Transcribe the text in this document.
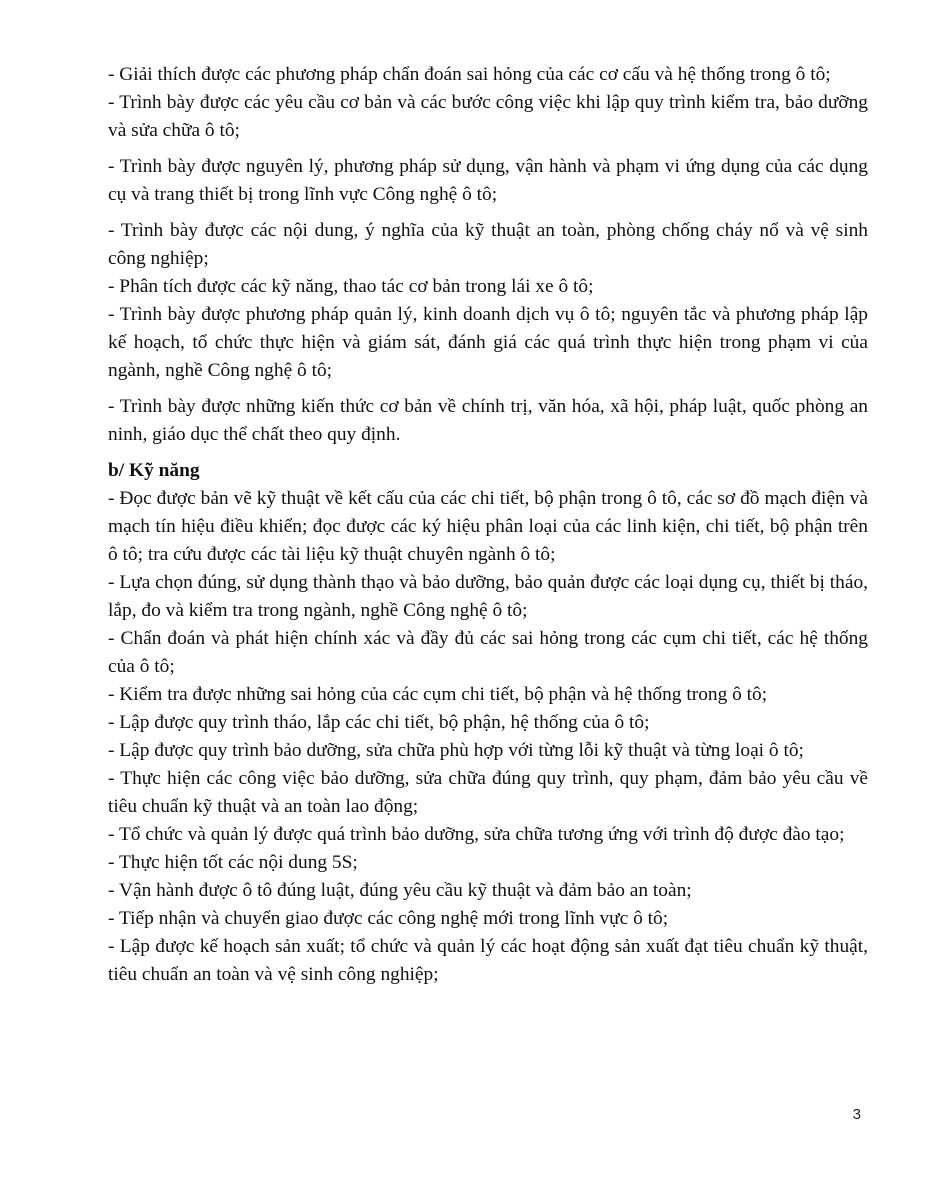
- Giải thích được các phương pháp chẩn đoán sai hỏng của các cơ cấu và hệ thống trong ô tô;

- Trình bày được các yêu cầu cơ bản và các bước công việc khi lập quy trình kiểm tra, bảo dưỡng và sửa chữa ô tô;

- Trình bày được nguyên lý, phương pháp sử dụng, vận hành và phạm vi ứng dụng của các dụng cụ và trang thiết bị trong lĩnh vực Công nghệ ô tô;

- Trình bày được các nội dung, ý nghĩa của kỹ thuật an toàn, phòng chống cháy nổ và vệ sinh công nghiệp;

- Phân tích được các kỹ năng, thao tác cơ bản trong lái xe ô tô;

- Trình bày được phương pháp quản lý, kinh doanh dịch vụ ô tô; nguyên tắc và phương pháp lập kế hoạch, tổ chức thực hiện và giám sát, đánh giá các quá trình thực hiện trong phạm vi của ngành, nghề Công nghệ ô tô;

- Trình bày được những kiến thức cơ bản về chính trị, văn hóa, xã hội, pháp luật, quốc phòng an ninh, giáo dục thể chất theo quy định.

b/ Kỹ năng

- Đọc được bản vẽ kỹ thuật về kết cấu của các chi tiết, bộ phận trong ô tô, các sơ đồ mạch điện và mạch tín hiệu điều khiển; đọc được các ký hiệu phân loại của các linh kiện, chi tiết, bộ phận trên ô tô; tra cứu được các tài liệu kỹ thuật chuyên ngành ô tô;

- Lựa chọn đúng, sử dụng thành thạo và bảo dưỡng, bảo quản được các loại dụng cụ, thiết bị tháo, lắp, đo và kiểm tra trong ngành, nghề Công nghệ ô tô;

- Chẩn đoán và phát hiện chính xác và đầy đủ các sai hỏng trong các cụm chi tiết, các hệ thống của ô tô;

- Kiểm tra được những sai hỏng của các cụm chi tiết, bộ phận và hệ thống trong ô tô;

- Lập được quy trình tháo, lắp các chi tiết, bộ phận, hệ thống của ô tô;

- Lập được quy trình bảo dưỡng, sửa chữa phù hợp với từng lỗi kỹ thuật và từng loại ô tô;

- Thực hiện các công việc bảo dưỡng, sửa chữa đúng quy trình, quy phạm, đảm bảo yêu cầu về tiêu chuẩn kỹ thuật và an toàn lao động;

- Tổ chức và quản lý được quá trình bảo dưỡng, sửa chữa tương ứng với trình độ được đào tạo;

- Thực hiện tốt các nội dung 5S;

- Vận hành được ô tô đúng luật, đúng yêu cầu kỹ thuật và đảm bảo an toàn;

- Tiếp nhận và chuyển giao được các công nghệ mới trong lĩnh vực ô tô;

- Lập được kế hoạch sản xuất; tổ chức và quản lý các hoạt động sản xuất đạt tiêu chuẩn kỹ thuật, tiêu chuẩn an toàn và vệ sinh công nghiệp;

3
